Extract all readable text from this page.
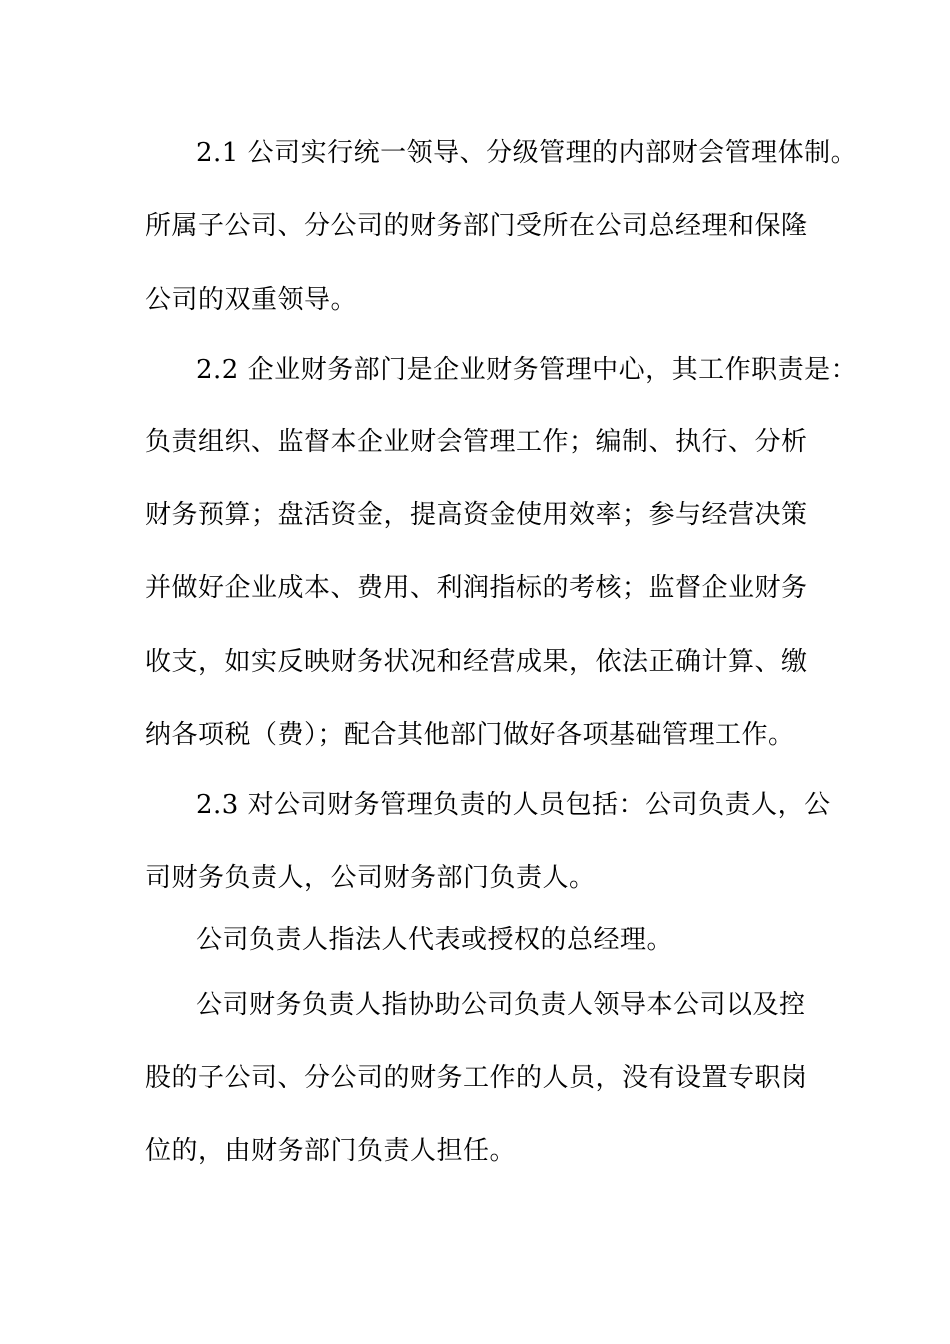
2.1 公司实行统一领导、分级管理的内部财会管理体制。

所属子公司、分公司的财务部门受所在公司总经理和保隆

公司的双重领导。

2.2 企业财务部门是企业财务管理中心，其工作职责是：

负责组织、监督本企业财会管理工作；编制、执行、分析

财务预算；盘活资金，提高资金使用效率；参与经营决策

并做好企业成本、费用、利润指标的考核；监督企业财务

收支，如实反映财务状况和经营成果，依法正确计算、缴

纳各项税（费）；配合其他部门做好各项基础管理工作。

2.3 对公司财务管理负责的人员包括：公司负责人，公

司财务负责人，公司财务部门负责人。

公司负责人指法人代表或授权的总经理。

公司财务负责人指协助公司负责人领导本公司以及控

股的子公司、分公司的财务工作的人员，没有设置专职岗

位的，由财务部门负责人担任。
